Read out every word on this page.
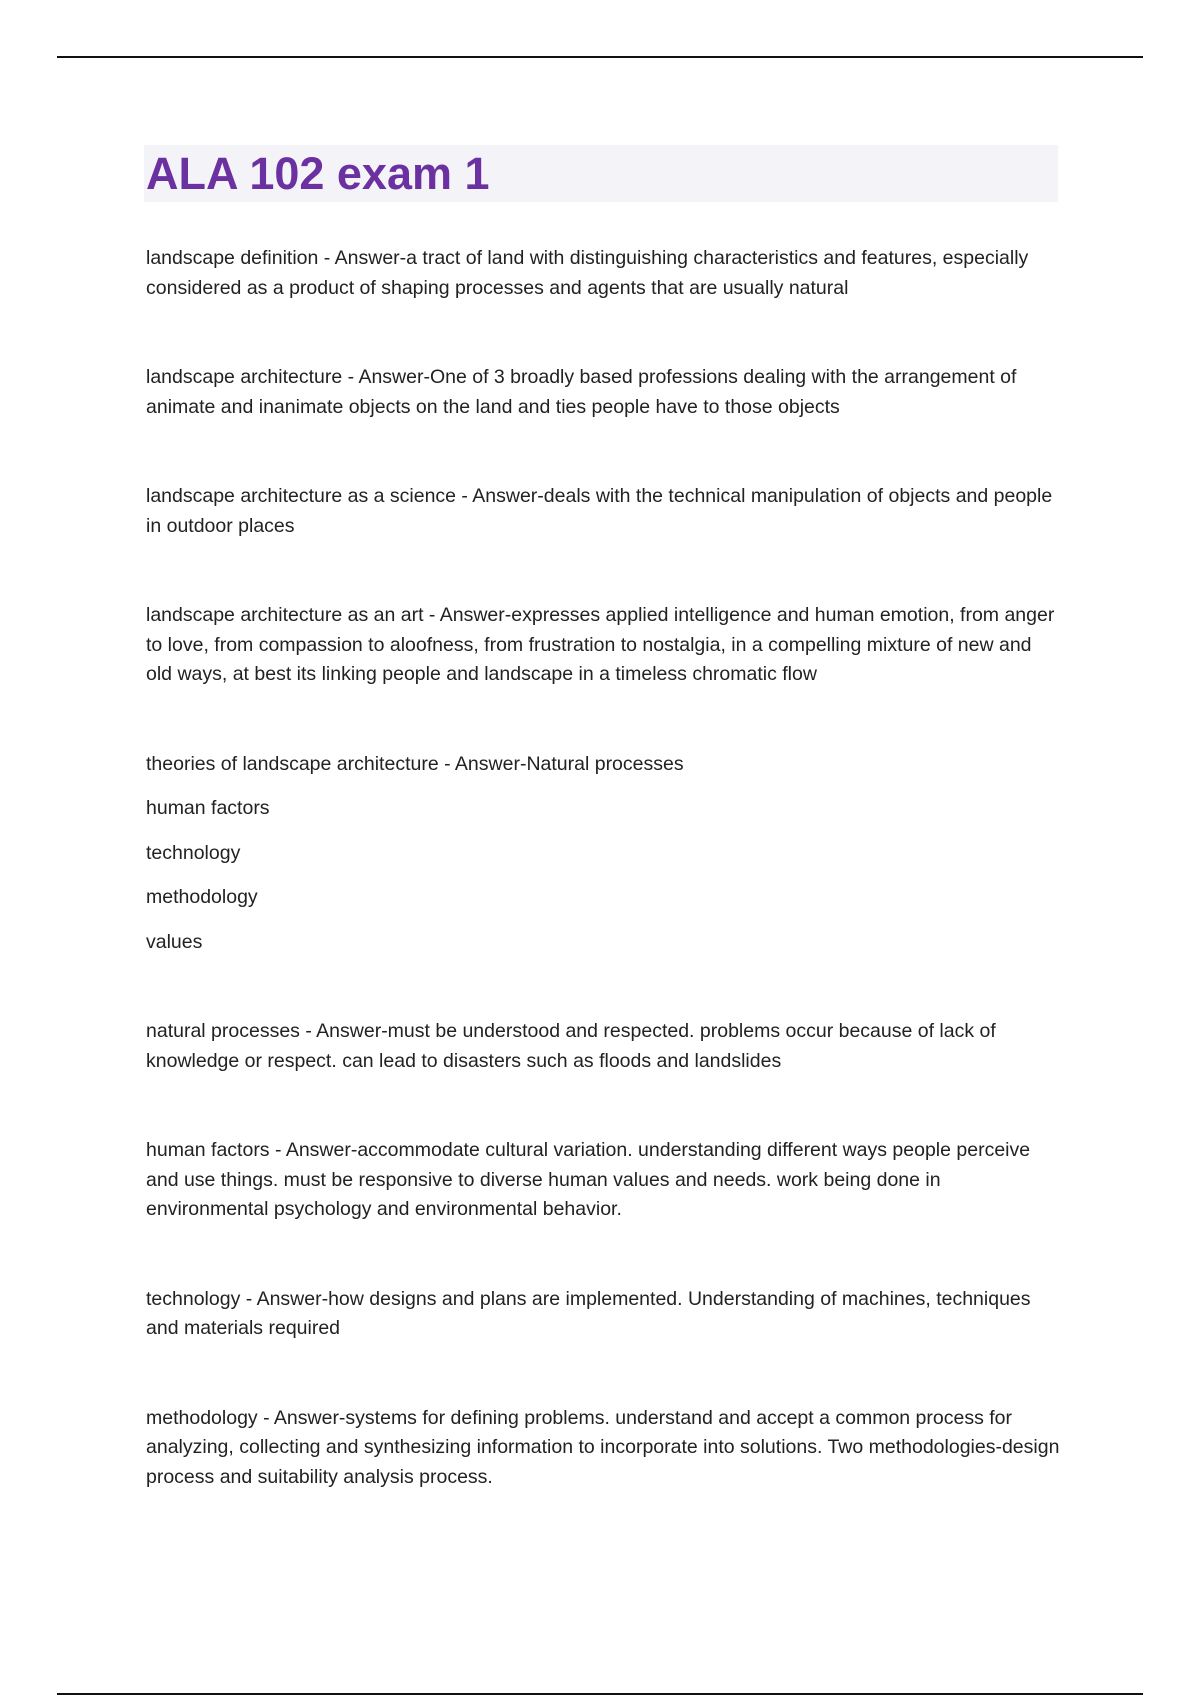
ALA 102 exam 1

landscape definition - Answer-a tract of land with distinguishing characteristics and features, especially considered as a product of shaping processes and agents that are usually natural

landscape architecture - Answer-One of 3 broadly based professions dealing with the arrangement of animate and inanimate objects on the land and ties people have to those objects

landscape architecture as a science - Answer-deals with the technical manipulation of objects and people in outdoor places

landscape architecture as an art - Answer-expresses applied intelligence and human emotion, from anger to love, from compassion to aloofness, from frustration to nostalgia, in a compelling mixture of new and old ways, at best its linking people and landscape in a timeless chromatic flow

theories of landscape architecture - Answer-Natural processes

human factors
technology
methodology
values

natural processes - Answer-must be understood and respected. problems occur because of lack of knowledge or respect. can lead to disasters such as floods and landslides

human factors - Answer-accommodate cultural variation. understanding different ways people perceive and use things. must be responsive to diverse human values and needs. work being done in environmental psychology and environmental behavior.

technology - Answer-how designs and plans are implemented. Understanding of machines, techniques and materials required

methodology - Answer-systems for defining problems. understand and accept a common process for analyzing, collecting and synthesizing information to incorporate into solutions. Two methodologies-design process and suitability analysis process.
